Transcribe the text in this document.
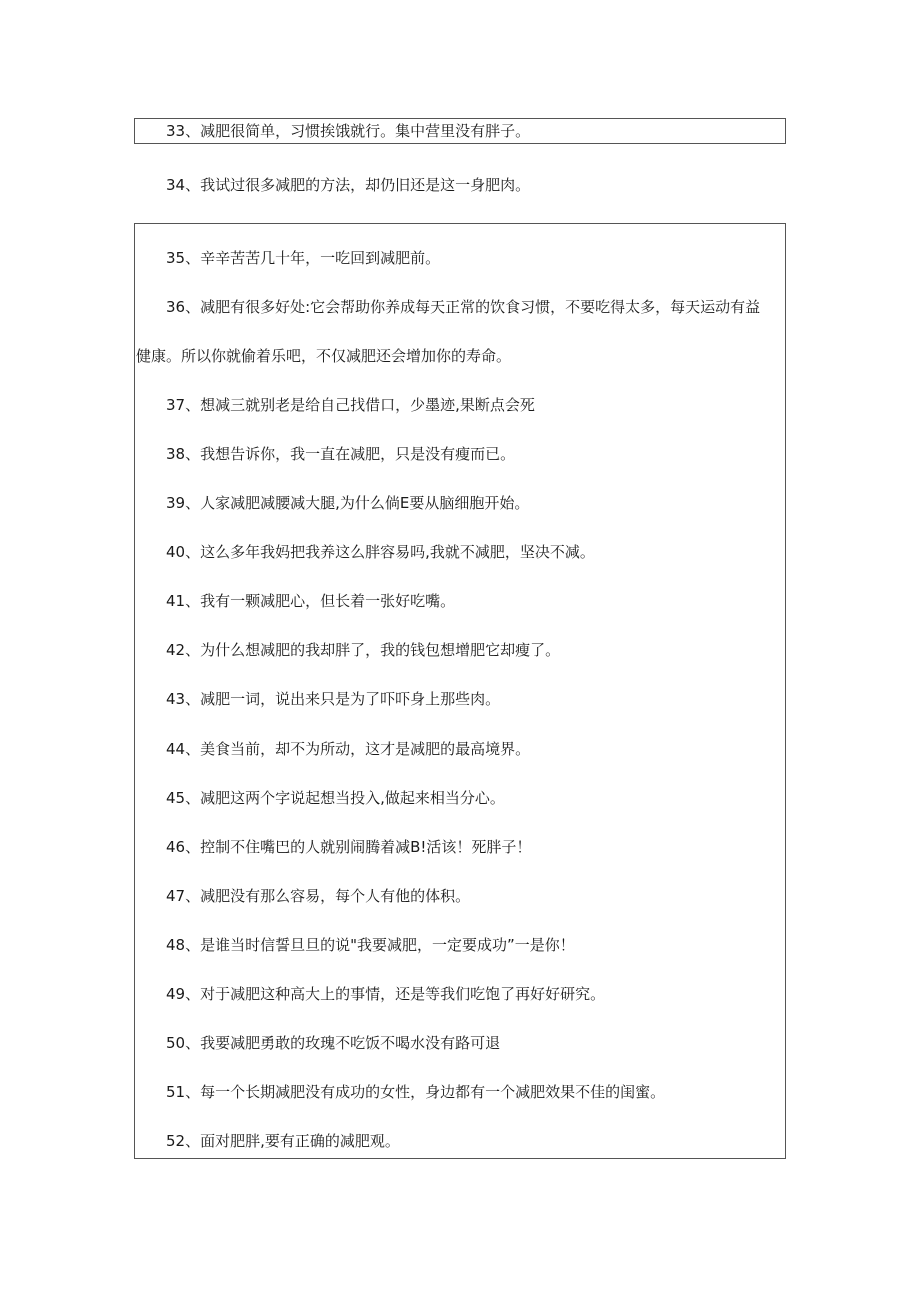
33、减肥很简单，习惯挨饿就行。集中营里没有胖子。
34、我试过很多减肥的方法，却仍旧还是这一身肥肉。
35、辛辛苦苦几十年，一吃回到减肥前。
36、减肥有很多好处:它会帮助你养成每天正常的饮食习惯，不要吃得太多，每天运动有益
健康。所以你就偷着乐吧，不仅减肥还会增加你的寿命。
37、想减三就别老是给自己找借口，少墨迹,果断点会死
38、我想告诉你，我一直在减肥，只是没有瘦而已。
39、人家减肥减腰减大腿,为什么倘E要从脑细胞开始。
40、这么多年我妈把我养这么胖容易吗,我就不减肥，坚决不减。
41、我有一颗减肥心，但长着一张好吃嘴。
42、为什么想减肥的我却胖了，我的钱包想增肥它却瘦了。
43、减肥一词，说出来只是为了吓吓身上那些肉。
44、美食当前，却不为所动，这才是减肥的最高境界。
45、减肥这两个字说起想当投入,做起来相当分心。
46、控制不住嘴巴的人就别闹腾着减B!活该！死胖子！
47、减肥没有那么容易，每个人有他的体积。
48、是谁当时信誓旦旦的说"我要减肥，一定要成功”一是你！
49、对于减肥这种高大上的事情，还是等我们吃饱了再好好研究。
50、我要减肥勇敢的玫瑰不吃饭不喝水没有路可退
51、每一个长期减肥没有成功的女性，身边都有一个减肥效果不佳的闺蜜。
52、面对肥胖,要有正确的减肥观。
